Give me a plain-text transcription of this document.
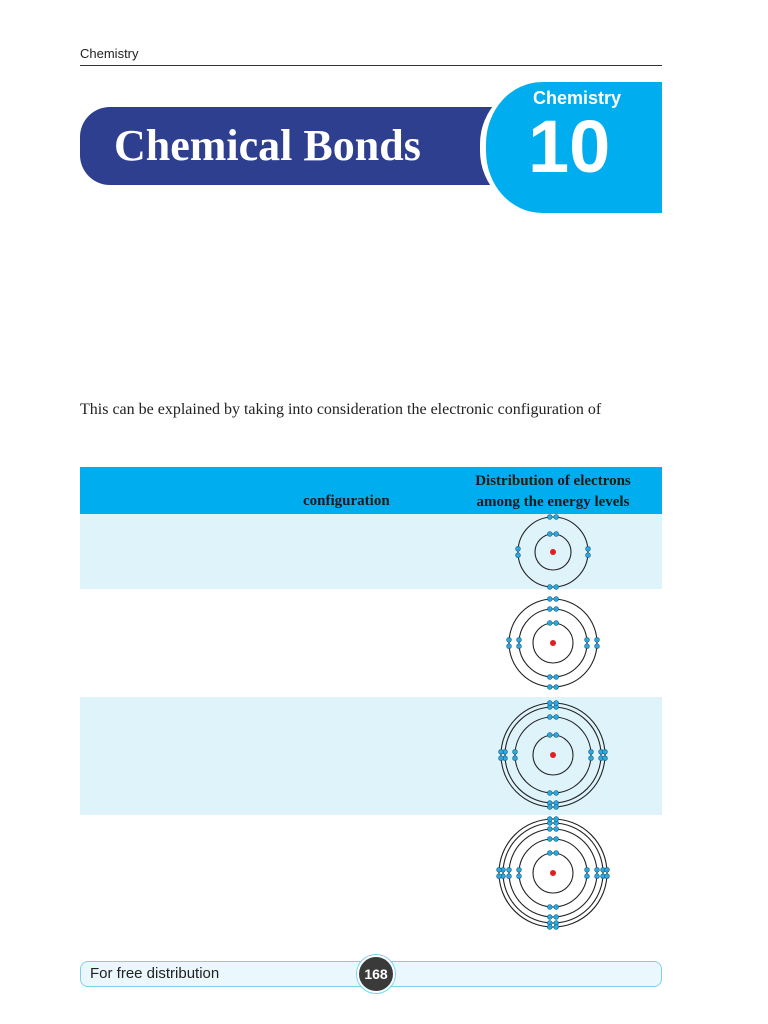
Chemistry
Chemical Bonds
Chemistry
10
This can be explained by taking into consideration the electronic configuration of
configuration
Distribution of electrons
among the energy levels
For free distribution	168
